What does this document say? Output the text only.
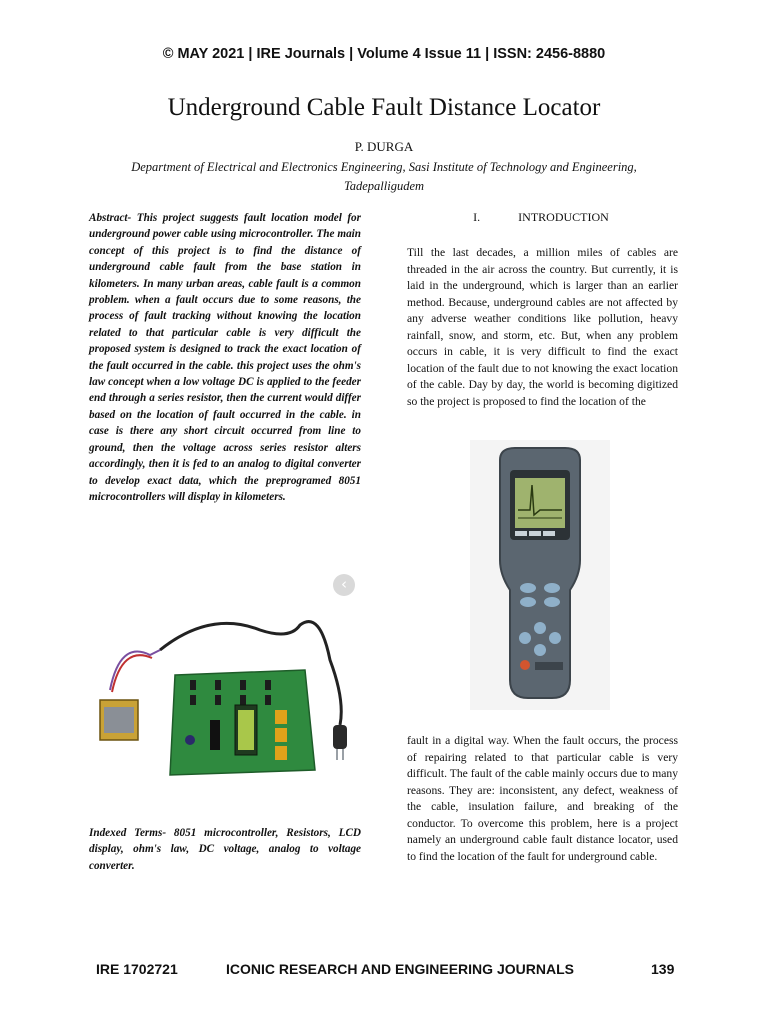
© MAY 2021 | IRE Journals | Volume 4 Issue 11 | ISSN: 2456-8880
Underground Cable Fault Distance Locator
P. DURGA
Department of Electrical and Electronics Engineering, Sasi Institute of Technology and Engineering, Tadepalligudem
Abstract- This project suggests fault location model for underground power cable using microcontroller. The main concept of this project is to find the distance of underground cable fault from the base station in kilometers. In many urban areas, cable fault is a common problem. when a fault occurs due to some reasons, the process of fault tracking without knowing the location related to that particular cable is very difficult the proposed system is designed to track the exact location of the fault occurred in the cable. this project uses the ohm's law concept when a low voltage DC is applied to the feeder end through a series resistor, then the current would differ based on the location of fault occurred in the cable. in case is there any short circuit occurred from line to ground, then the voltage across series resistor alters accordingly, then it is fed to an analog to digital converter to develop exact data, which the preprogramed 8051 microcontrollers will display in kilometers.
I.	INTRODUCTION
Till the last decades, a million miles of cables are threaded in the air across the country. But currently, it is laid in the underground, which is larger than an earlier method. Because, underground cables are not affected by any adverse weather conditions like pollution, heavy rainfall, snow, and storm, etc. But, when any problem occurs in cable, it is very difficult to find the exact location of the fault due to not knowing the exact location of the cable. Day by day, the world is becoming digitized so the project is proposed to find the location of the
fault in a digital way. When the fault occurs, the process of repairing related to that particular cable is very difficult. The fault of the cable mainly occurs due to many reasons. They are: inconsistent, any defect, weakness of the cable, insulation failure, and breaking of the conductor. To overcome this problem, here is a project namely an underground cable fault distance locator, used to find the location of the fault for underground cable.
‹
Indexed Terms- 8051 microcontroller, Resistors, LCD display, ohm's law, DC voltage, analog to voltage converter.
IRE 1702721	ICONIC RESEARCH AND ENGINEERING JOURNALS	139
